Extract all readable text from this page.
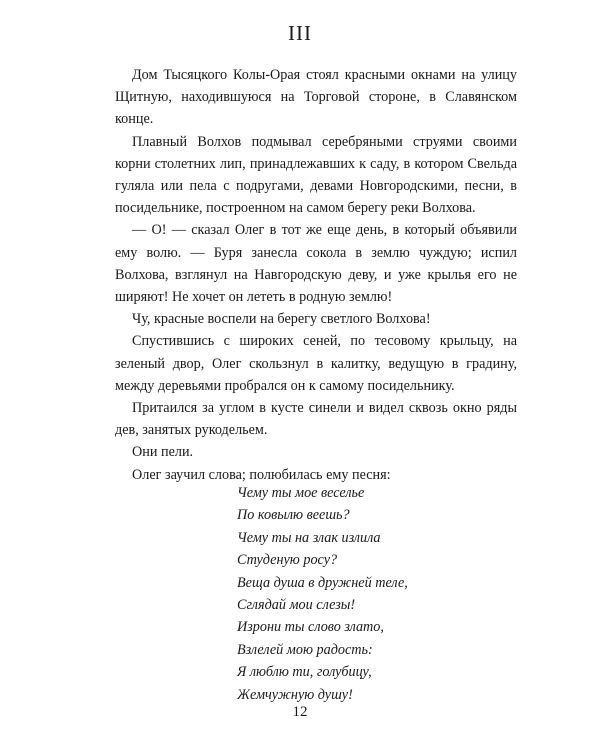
III

Дом Тысяцкого Колы-Орая стоял красными окнами на улицу Щитную, находившуюся на Торговой стороне, в Славянском конце.

Плавный Волхов подмывал серебряными струями своими корни столетних лип, принадлежавших к саду, в котором Свельда гуляла или пела с подругами, девами Новгородскими, песни, в посидельнике, построенном на самом берегу реки Волхова.

— О! — сказал Олег в тот же еще день, в который объявили ему волю. — Буря занесла сокола в землю чуждую; испил Волхова, взглянул на Навгородскую деву, и уже крылья его не ширяют! Не хочет он лететь в родную землю!

Чу, красные воспели на берегу светлого Волхова!

Спустившись с широких сеней, по тесовому крыльцу, на зеленый двор, Олег скользнул в калитку, ведущую в градину, между деревьями пробрался он к самому посидельнику.

Притаился за углом в кусте синели и видел сквозь окно ряды дев, занятых рукодельем.

Они пели.

Олег заучил слова; полюбилась ему песня:

Чему ты мое веселье
По ковылю веешь?
Чему ты на злак излила
Студеную росу?
Веща душа в дружней теле,
Сглядай мои слезы!
Изрони ты слово злато,
Взлелей мою радость:
Я люблю ти, голубицу,
Жемчужную душу!
12
